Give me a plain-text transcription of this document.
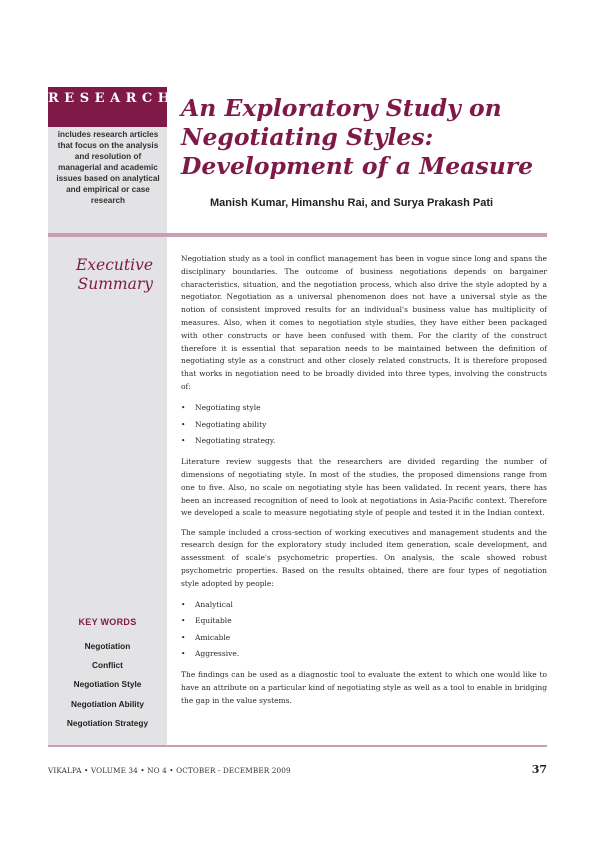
RESEARCH
includes research articles that focus on the analysis and resolution of managerial and academic issues based on analytical and empirical or case research
An Exploratory Study on
Negotiating Styles:
Development of a Measure
Manish Kumar, Himanshu Rai, and Surya Prakash Pati
Executive
Summary
KEY WORDS
Negotiation
Conflict
Negotiation Style
Negotiation Ability
Negotiation Strategy

Negotiation study as a tool in conflict management has been in vogue since long and spans the disciplinary boundaries. The outcome of business negotiations depends on bargainer characteristics, situation, and the negotiation process, which also drive the style adopted by a negotiator. Negotiation as a universal phenomenon does not have a universal style as the notion of consistent improved results for an individual's business value has multiplicity of measures. Also, when it comes to negotiation style studies, they have either been packaged with other constructs or have been confused with them. For the clarity of the construct therefore it is essential that separation needs to be maintained between the definition of negotiating style as a construct and other closely related constructs. It is therefore proposed that works in negotiation need to be broadly divided into three types, involving the constructs of:

• Negotiating style
• Negotiating ability
• Negotiating strategy.

Literature review suggests that the researchers are divided regarding the number of dimensions of negotiating style. In most of the studies, the proposed dimensions range from one to five. Also, no scale on negotiating style has been validated. In recent years, there has been an increased recognition of need to look at negotiations in Asia-Pacific context. Therefore we developed a scale to measure negotiating style of people and tested it in the Indian context.

The sample included a cross-section of working executives and management students and the research design for the exploratory study included item generation, scale development, and assessment of scale's psychometric properties. On analysis, the scale showed robust psychometric properties. Based on the results obtained, there are four types of negotiation style adopted by people:

• Analytical
• Equitable
• Amicable
• Aggressive.

The findings can be used as a diagnostic tool to evaluate the extent to which one would like to have an attribute on a particular kind of negotiating style as well as a tool to enable in bridging the gap in the value systems.

VIKALPA • VOLUME 34 • NO 4 • OCTOBER - DECEMBER 2009	37
